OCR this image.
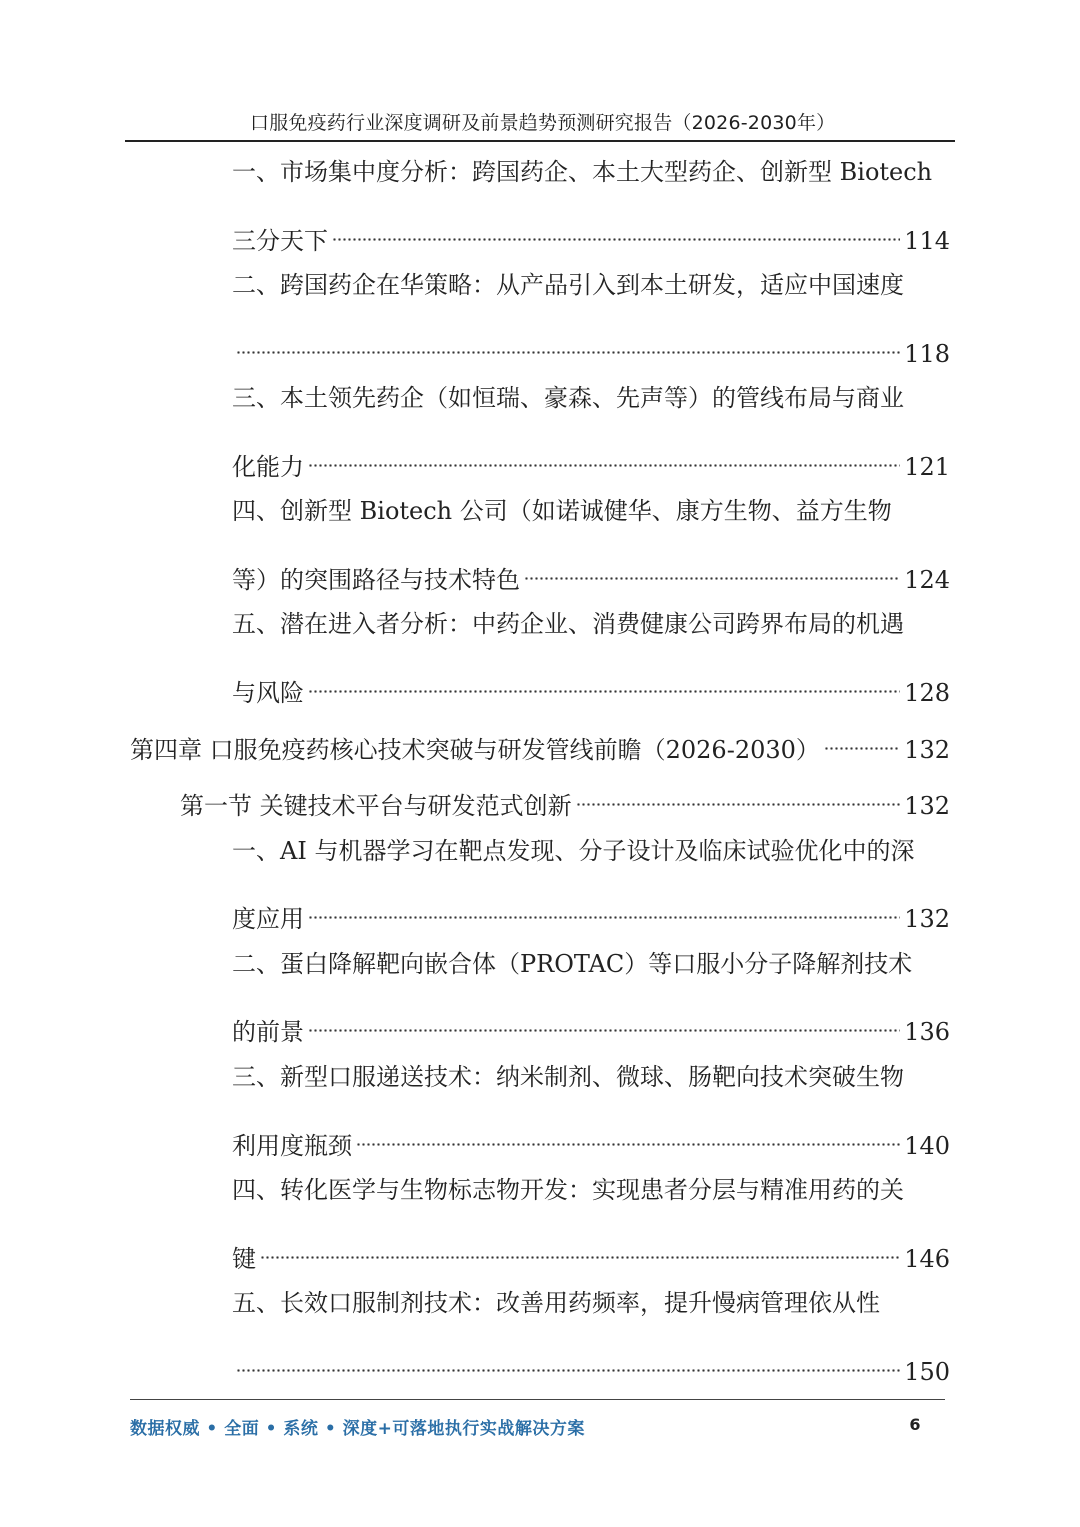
口服免疫药行业深度调研及前景趋势预测研究报告（2026-2030年）
一、市场集中度分析：跨国药企、本土大型药企、创新型 Biotech
三分天下	114
二、跨国药企在华策略：从产品引入到本土研发，适应中国速度
118
三、本土领先药企（如恒瑞、豪森、先声等）的管线布局与商业
化能力	121
四、创新型 Biotech 公司（如诺诚健华、康方生物、益方生物
等）的突围路径与技术特色	124
五、潜在进入者分析：中药企业、消费健康公司跨界布局的机遇
与风险	128
第四章 口服免疫药核心技术突破与研发管线前瞻（2026-2030）	132
第一节 关键技术平台与研发范式创新	132
一、AI 与机器学习在靶点发现、分子设计及临床试验优化中的深
度应用	132
二、蛋白降解靶向嵌合体（PROTAC）等口服小分子降解剂技术
的前景	136
三、新型口服递送技术：纳米制剂、微球、肠靶向技术突破生物
利用度瓶颈	140
四、转化医学与生物标志物开发：实现患者分层与精准用药的关
键	146
五、长效口服制剂技术：改善用药频率，提升慢病管理依从性
150
数据权威 • 全面 • 系统 • 深度+可落地执行实战解决方案	6
